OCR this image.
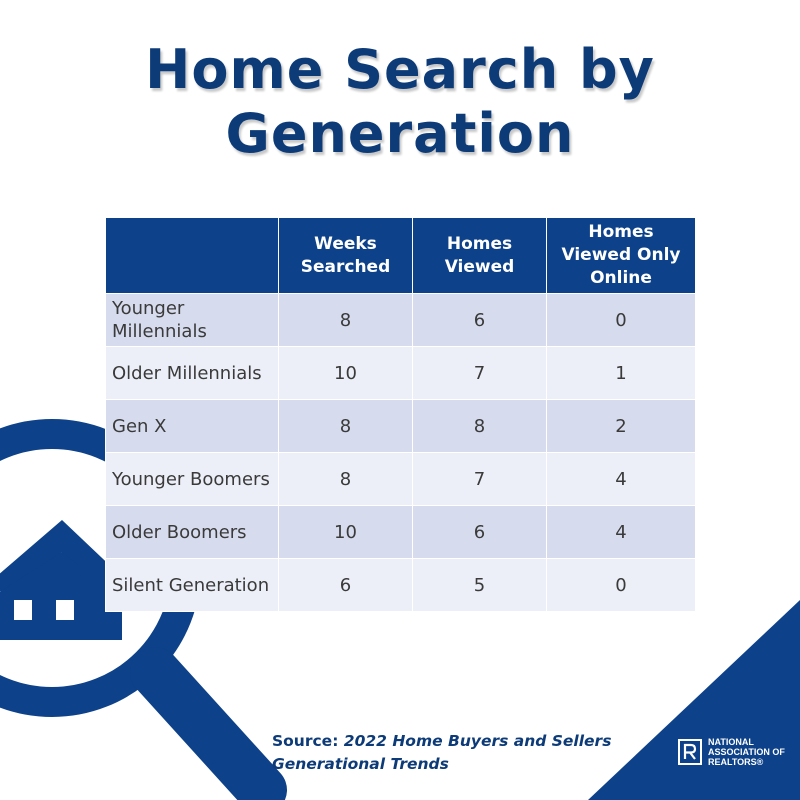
Home Search by
Generation
	Weeks Searched	Homes Viewed	Homes Viewed Only Online
Younger Millennials	8	6	0
Older Millennials	10	7	1
Gen X	8	8	2
Younger Boomers	8	7	4
Older Boomers	10	6	4
Silent Generation	6	5	0
Source: 2022 Home Buyers and Sellers Generational Trends
NATIONAL
ASSOCIATION OF
REALTORS®
